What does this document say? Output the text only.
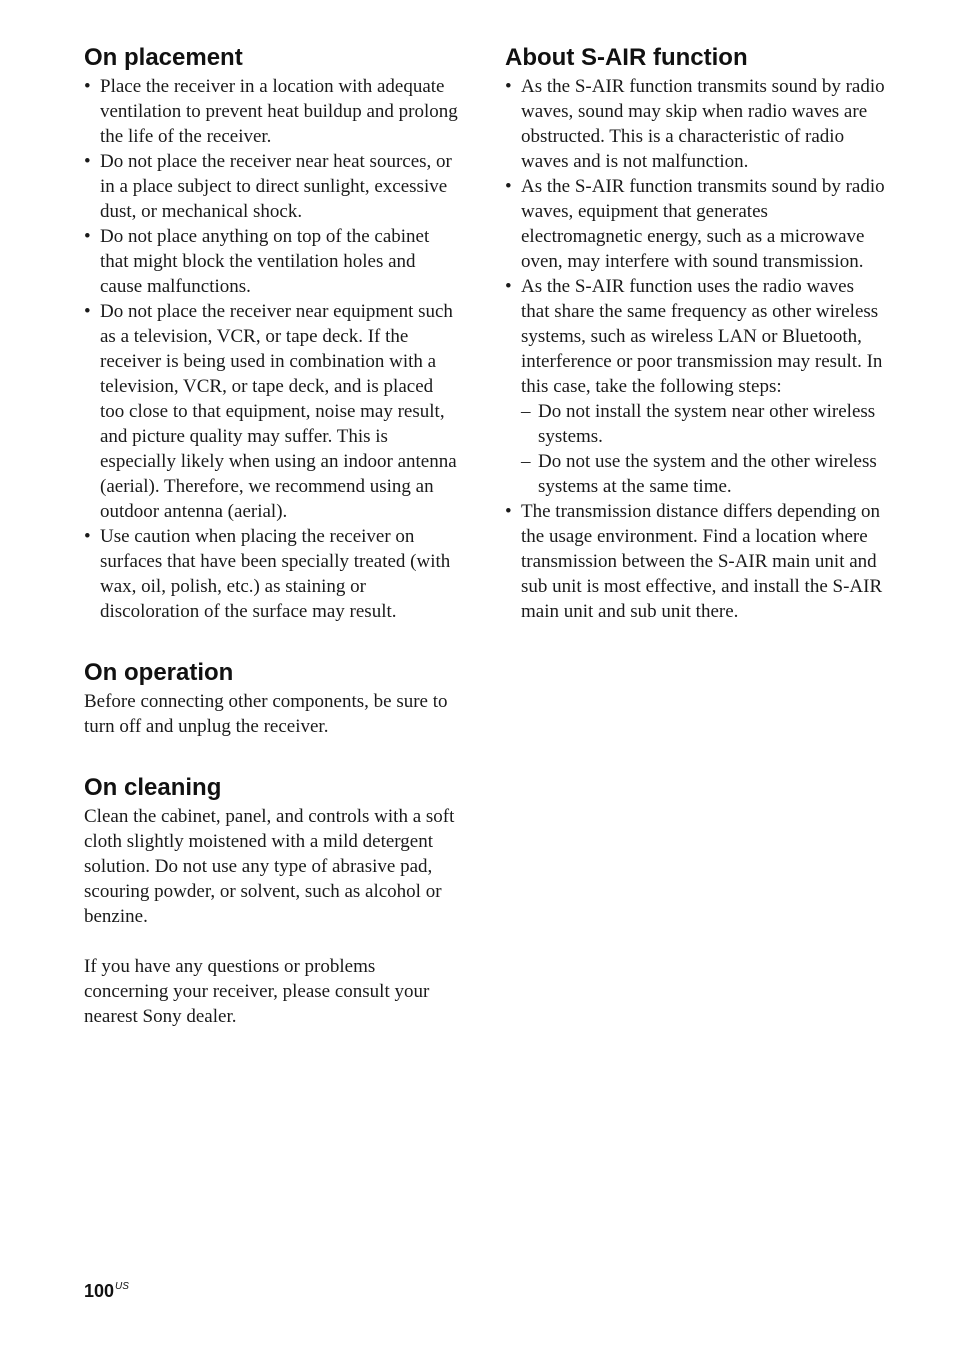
On placement
• Place the receiver in a location with adequate ventilation to prevent heat buildup and prolong the life of the receiver.
• Do not place the receiver near heat sources, or in a place subject to direct sunlight, excessive dust, or mechanical shock.
• Do not place anything on top of the cabinet that might block the ventilation holes and cause malfunctions.
• Do not place the receiver near equipment such as a television, VCR, or tape deck. If the receiver is being used in combination with a television, VCR, or tape deck, and is placed too close to that equipment, noise may result, and picture quality may suffer. This is especially likely when using an indoor antenna (aerial). Therefore, we recommend using an outdoor antenna (aerial).
• Use caution when placing the receiver on surfaces that have been specially treated (with wax, oil, polish, etc.) as staining or discoloration of the surface may result.
On operation

Before connecting other components, be sure to turn off and unplug the receiver.

On cleaning

Clean the cabinet, panel, and controls with a soft cloth slightly moistened with a mild detergent solution. Do not use any type of abrasive pad, scouring powder, or solvent, such as alcohol or benzine.

If you have any questions or problems concerning your receiver, please consult your nearest Sony dealer.

About S-AIR function
• As the S-AIR function transmits sound by radio waves, sound may skip when radio waves are obstructed. This is a characteristic of radio waves and is not malfunction.
• As the S-AIR function transmits sound by radio waves, equipment that generates electromagnetic energy, such as a microwave oven, may interfere with sound transmission.
• As the S-AIR function uses the radio waves that share the same frequency as other wireless systems, such as wireless LAN or Bluetooth, interference or poor transmission may result. In this case, take the following steps:
– Do not install the system near other wireless systems.
– Do not use the system and the other wireless systems at the same time.
• The transmission distance differs depending on the usage environment. Find a location where transmission between the S-AIR main unit and sub unit is most effective, and install the S-AIR main unit and sub unit there.
$100^{US}$
